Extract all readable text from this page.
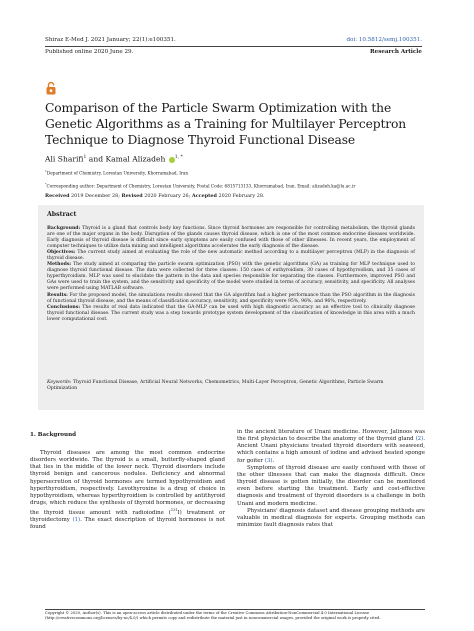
Shiraz E-Med J. 2021 January; 22(1):e100351.	doi: 10.5812/semj.100351.
Published online 2020 June 29.	Research Article
Comparison of the Particle Swarm Optimization with the Genetic Algorithms as a Training for Multilayer Perceptron Technique to Diagnose Thyroid Functional Disease
Ali Sharifi$^1$ and Kamal Alizadeh $^{1, *}$
$^1$Department of Chemistry, Lorestan University, Khorramabad, Iran
*Corresponding author: Department of Chemistry, Lorestan University, Postal Code: 6815713133, Khorramabad, Iran. Email: alizadeh.ka@lu.ac.ir
Received 2019 December 28; Revised 2020 February 26; Accepted 2020 February 28.
Abstract

Background: Thyroid is a gland that controls body key functions. Since thyroid hormones are responsible for controlling metabolism, the thyroid glands are one of the major organs in the body. Disruption of the glands causes thyroid disease, which is one of the most common endocrine diseases worldwide. Early diagnosis of thyroid disease is difficult since early symptoms are easily confused with those of other illnesses. In recent years, the employment of computer techniques to utilize data mining and intelligent algorithms accelerates the early diagnosis of the disease.

Objectives: The current study aimed at evaluating the role of the new automatic method according to a multilayer perceptron (MLP) in the diagnosis of thyroid disease.

Methods: The study aimed at comparing the particle swarm optimization (PSO) with the genetic algorithms (GA) as training for MLP technique used to diagnose thyroid functional disease. The data were collected for three classes: 150 cases of euthyroidism, 30 cases of hypothyroidism, and 35 cases of hyperthyroidism. MLP was used to elucidate the pattern in the data and species responsible for separating the classes. Furthermore, improved PSO and GAs were used to train the system, and the sensitivity and specificity of the model were studied in terms of accuracy, sensitivity, and specificity. All analyses were performed using MATLAB software.

Results: For the proposed model, the simulations results showed that the GA algorithm had a higher performance than the PSO algorithm in the diagnosis of functional thyroid disease, and the means of classification accuracy, sensitivity, and specificity were 95%, 96%, and 96%, respectively.

Conclusions: The results of real data indicated that the GA-MLP can be used with high diagnostic accuracy as an effective tool to clinically diagnose thyroid functional disease. The current study was a step towards prototype system development of the classification of knowledge in this area with a much lower computational cost.

Keywords: Thyroid Functional Disease, Artificial Neural Networks, Chemometrics, Multi-Layer Perceptron, Genetic Algorithms, Particle Swarm Optimization
1. Background

Thyroid diseases are among the most common endocrine disorders worldwide. The thyroid is a small, butterfly-shaped gland that lies in the middle of the lower neck. Thyroid disorders include thyroid benign and cancerous nodules. Deficiency and abnormal hypersecretion of thyroid hormones are termed hypothyroidism and hyperthyroidism, respectively. Levothyroxine is a drug of choice in hypothyroidism, whereas hyperthyroidism is controlled by antithyroid drugs, which reduce the synthesis of thyroid hormones, or decreasing the thyroid tissue amount with radioiodine ($^{131}$I) treatment or thyroidectomy (1). The exact description of thyroid hormones is not found

in the ancient literature of Unani medicine. However, Jalinoos was the first physician to describe the anatomy of the thyroid gland (2). Ancient Unani physicians treated thyroid disorders with seaweed, which contains a high amount of iodine and advised heated sponge for goiter (3).

Symptoms of thyroid disease are easily confused with those of the other illnesses that can make the diagnosis difficult. Once thyroid disease is gotten initially, the disorder can be monitored even before starting the treatment. Early and cost-effective diagnosis and treatment of thyroid disorders is a challenge in both Unani and modern medicine.

Physicians' diagnosis dataset and disease grouping methods are valuable in medical diagnosis for experts. Grouping methods can minimize fault diagnosis rates that

Copyright © 2020, Author(s). This is an open-access article distributed under the terms of the Creative Commons Attribution-NonCommercial 4.0 International License (http://creativecommons.org/licenses/by-nc/4.0/) which permits copy and redistribute the material just in noncommercial usages, provided the original work is properly cited.
